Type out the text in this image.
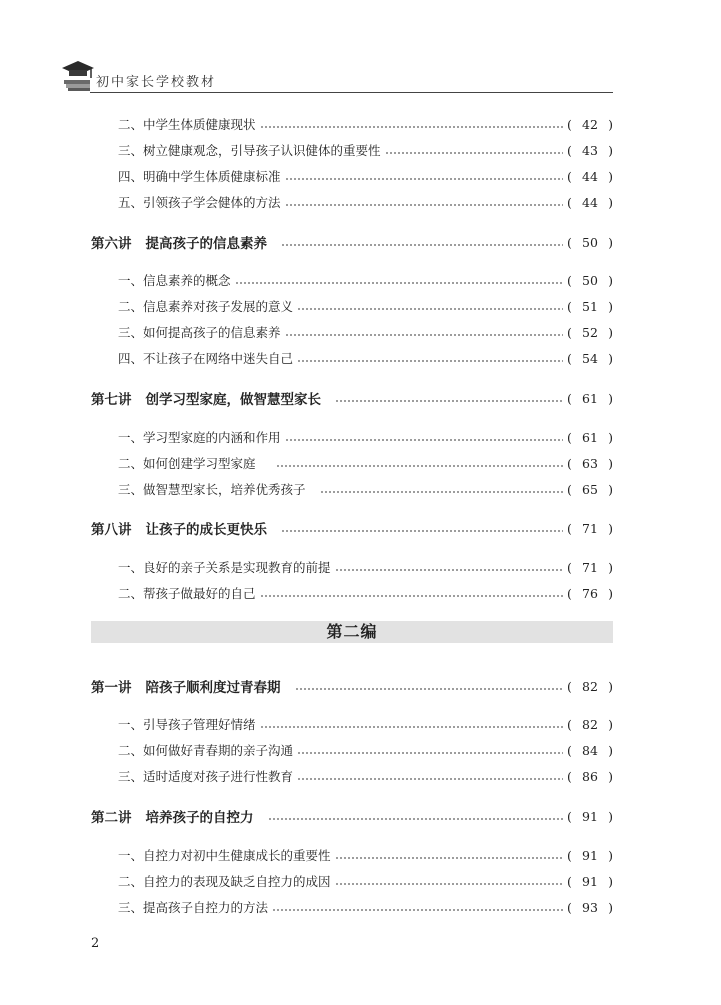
初中家长学校教材
二、中学生体质健康现状	( 42 )
三、树立健康观念，引导孩子认识健体的重要性	( 43 )
四、明确中学生体质健康标准	( 44 )
五、引领孩子学会健体的方法	( 44 )
第六讲 提高孩子的信息素养	( 50 )
一、信息素养的概念	( 50 )
二、信息素养对孩子发展的意义	( 51 )
三、如何提高孩子的信息素养	( 52 )
四、不让孩子在网络中迷失自己	( 54 )
第七讲 创学习型家庭，做智慧型家长	( 61 )
一、学习型家庭的内涵和作用	( 61 )
二、如何创建学习型家庭	( 63 )
三、做智慧型家长，培养优秀孩子	( 65 )
第八讲 让孩子的成长更快乐	( 71 )
一、良好的亲子关系是实现教育的前提	( 71 )
二、帮孩子做最好的自己	( 76 )
第二编
第一讲 陪孩子顺利度过青春期	( 82 )
一、引导孩子管理好情绪	( 82 )
二、如何做好青春期的亲子沟通	( 84 )
三、适时适度对孩子进行性教育	( 86 )
第二讲 培养孩子的自控力	( 91 )
一、自控力对初中生健康成长的重要性	( 91 )
二、自控力的表现及缺乏自控力的成因	( 91 )
三、提高孩子自控力的方法	( 93 )
2
